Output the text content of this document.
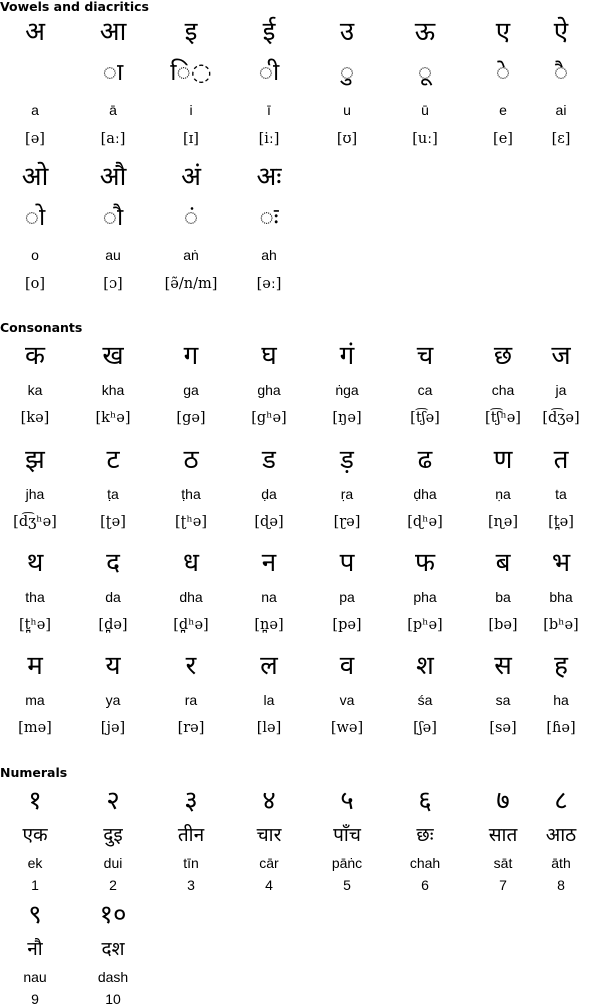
Vowels and diacritics
अ
a
[ə]
आ
◌ा
ā
[aː]
इ
ि◌
i
[ɪ]
ई
◌ी
ī
[iː]
उ
◌ु
u
[ʊ]
ऊ
◌ू
ū
[uː]
ए
◌े
e
[e]
ऐ
◌ै
ai
[ɛ]
ओ
◌ो
o
[o]
औ
◌ौ
au
[ɔ]
अं
◌ं
aṅ
[ə̃/n/m]
अः
◌ः
ah
[əː]
Consonants
क
ka
[kə]
ख
kha
[kʰə]
ग
ga
[gə]
घ
gha
[gʰə]
गं
ṅga
[ŋə]
च
ca
[t͡ʃə]
छ
cha
[t͡ʃʰə]
ज
ja
[d͡ʒə]
झ
jha
[d͡ʒʰə]
ट
ṭa
[ʈə]
ठ
ṭha
[ʈʰə]
ड
ḍa
[ɖə]
ड़
ṛa
[ɽə]
ढ
ḍha
[ɖʰə]
ण
ṇa
[ɳə]
त
ta
[t̪ə]
थ
tha
[t̪ʰə]
द
da
[d̪ə]
ध
dha
[d̪ʰə]
न
na
[n̪ə]
प
pa
[pə]
फ
pha
[pʰə]
ब
ba
[bə]
भ
bha
[bʰə]
म
ma
[mə]
य
ya
[jə]
र
ra
[rə]
ल
la
[lə]
व
va
[wə]
श
śa
[ʃə]
स
sa
[sə]
ह
ha
[ɦə]
Numerals
१
एक
ek
1
२
दुइ
dui
2
३
तीन
tīn
3
४
चार
cār
4
५
पाँच
pāṅc
5
६
छः
chah
6
७
सात
sāt
7
८
आठ
āth
8
९
नौ
nau
9
१०
दश
dash
10
